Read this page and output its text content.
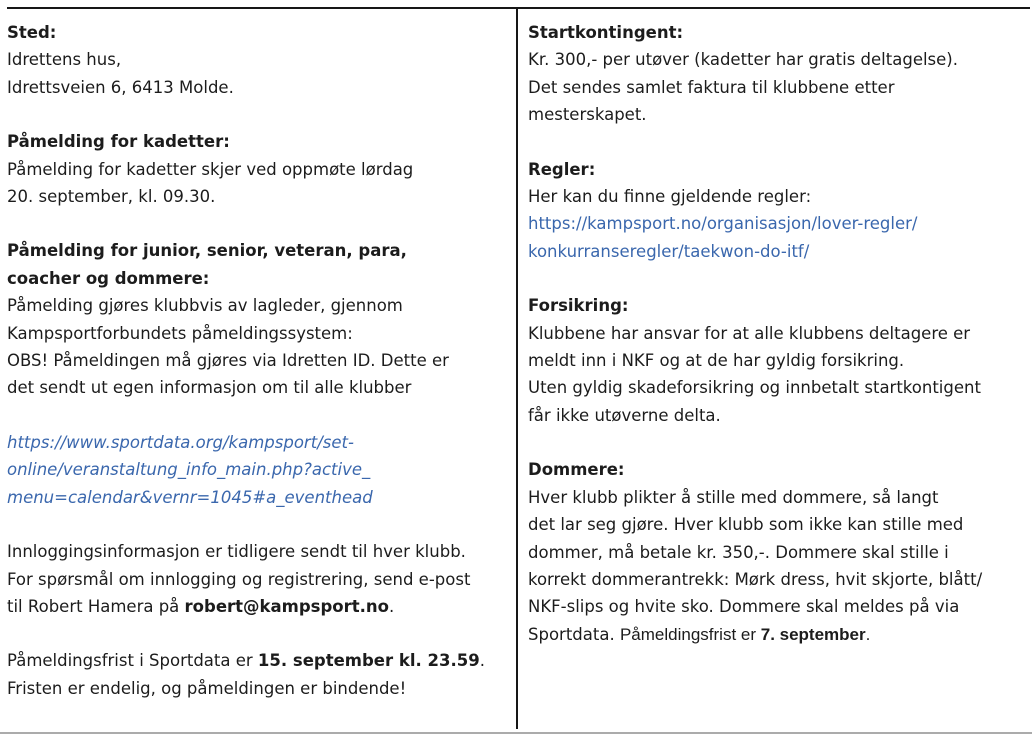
Sted:
Idrettens hus,
Idrettsveien 6, 6413 Molde.
Påmelding for kadetter:
Påmelding for kadetter skjer ved oppmøte lørdag
20. september, kl. 09.30.
Påmelding for junior, senior, veteran, para,
coacher og dommere:
Påmelding gjøres klubbvis av lagleder, gjennom
Kampsportforbundets påmeldingssystem:
OBS! Påmeldingen må gjøres via Idretten ID. Dette er
det sendt ut egen informasjon om til alle klubber
https://www.sportdata.org/kampsport/set-
online/veranstaltung_info_main.php?active_
menu=calendar&vernr=1045#a_eventhead
Innloggingsinformasjon er tidligere sendt til hver klubb.
For spørsmål om innlogging og registrering, send e-post
til Robert Hamera på robert@kampsport.no.
Påmeldingsfrist i Sportdata er 15. september kl. 23.59.
Fristen er endelig, og påmeldingen er bindende!
Startkontingent:
Kr. 300,- per utøver (kadetter har gratis deltagelse).
Det sendes samlet faktura til klubbene etter
mesterskapet.
Regler:
Her kan du finne gjeldende regler:
https://kampsport.no/organisasjon/lover-regler/
konkurranseregler/taekwon-do-itf/
Forsikring:
Klubbene har ansvar for at alle klubbens deltagere er
meldt inn i NKF og at de har gyldig forsikring.
Uten gyldig skadeforsikring og innbetalt startkontigent
får ikke utøverne delta.
Dommere:
Hver klubb plikter å stille med dommere, så langt
det lar seg gjøre. Hver klubb som ikke kan stille med
dommer, må betale kr. 350,-. Dommere skal stille i
korrekt dommerantrekk: Mørk dress, hvit skjorte, blått/
NKF-slips og hvite sko. Dommere skal meldes på via
Sportdata. Påmeldingsfrist er 7. september.
